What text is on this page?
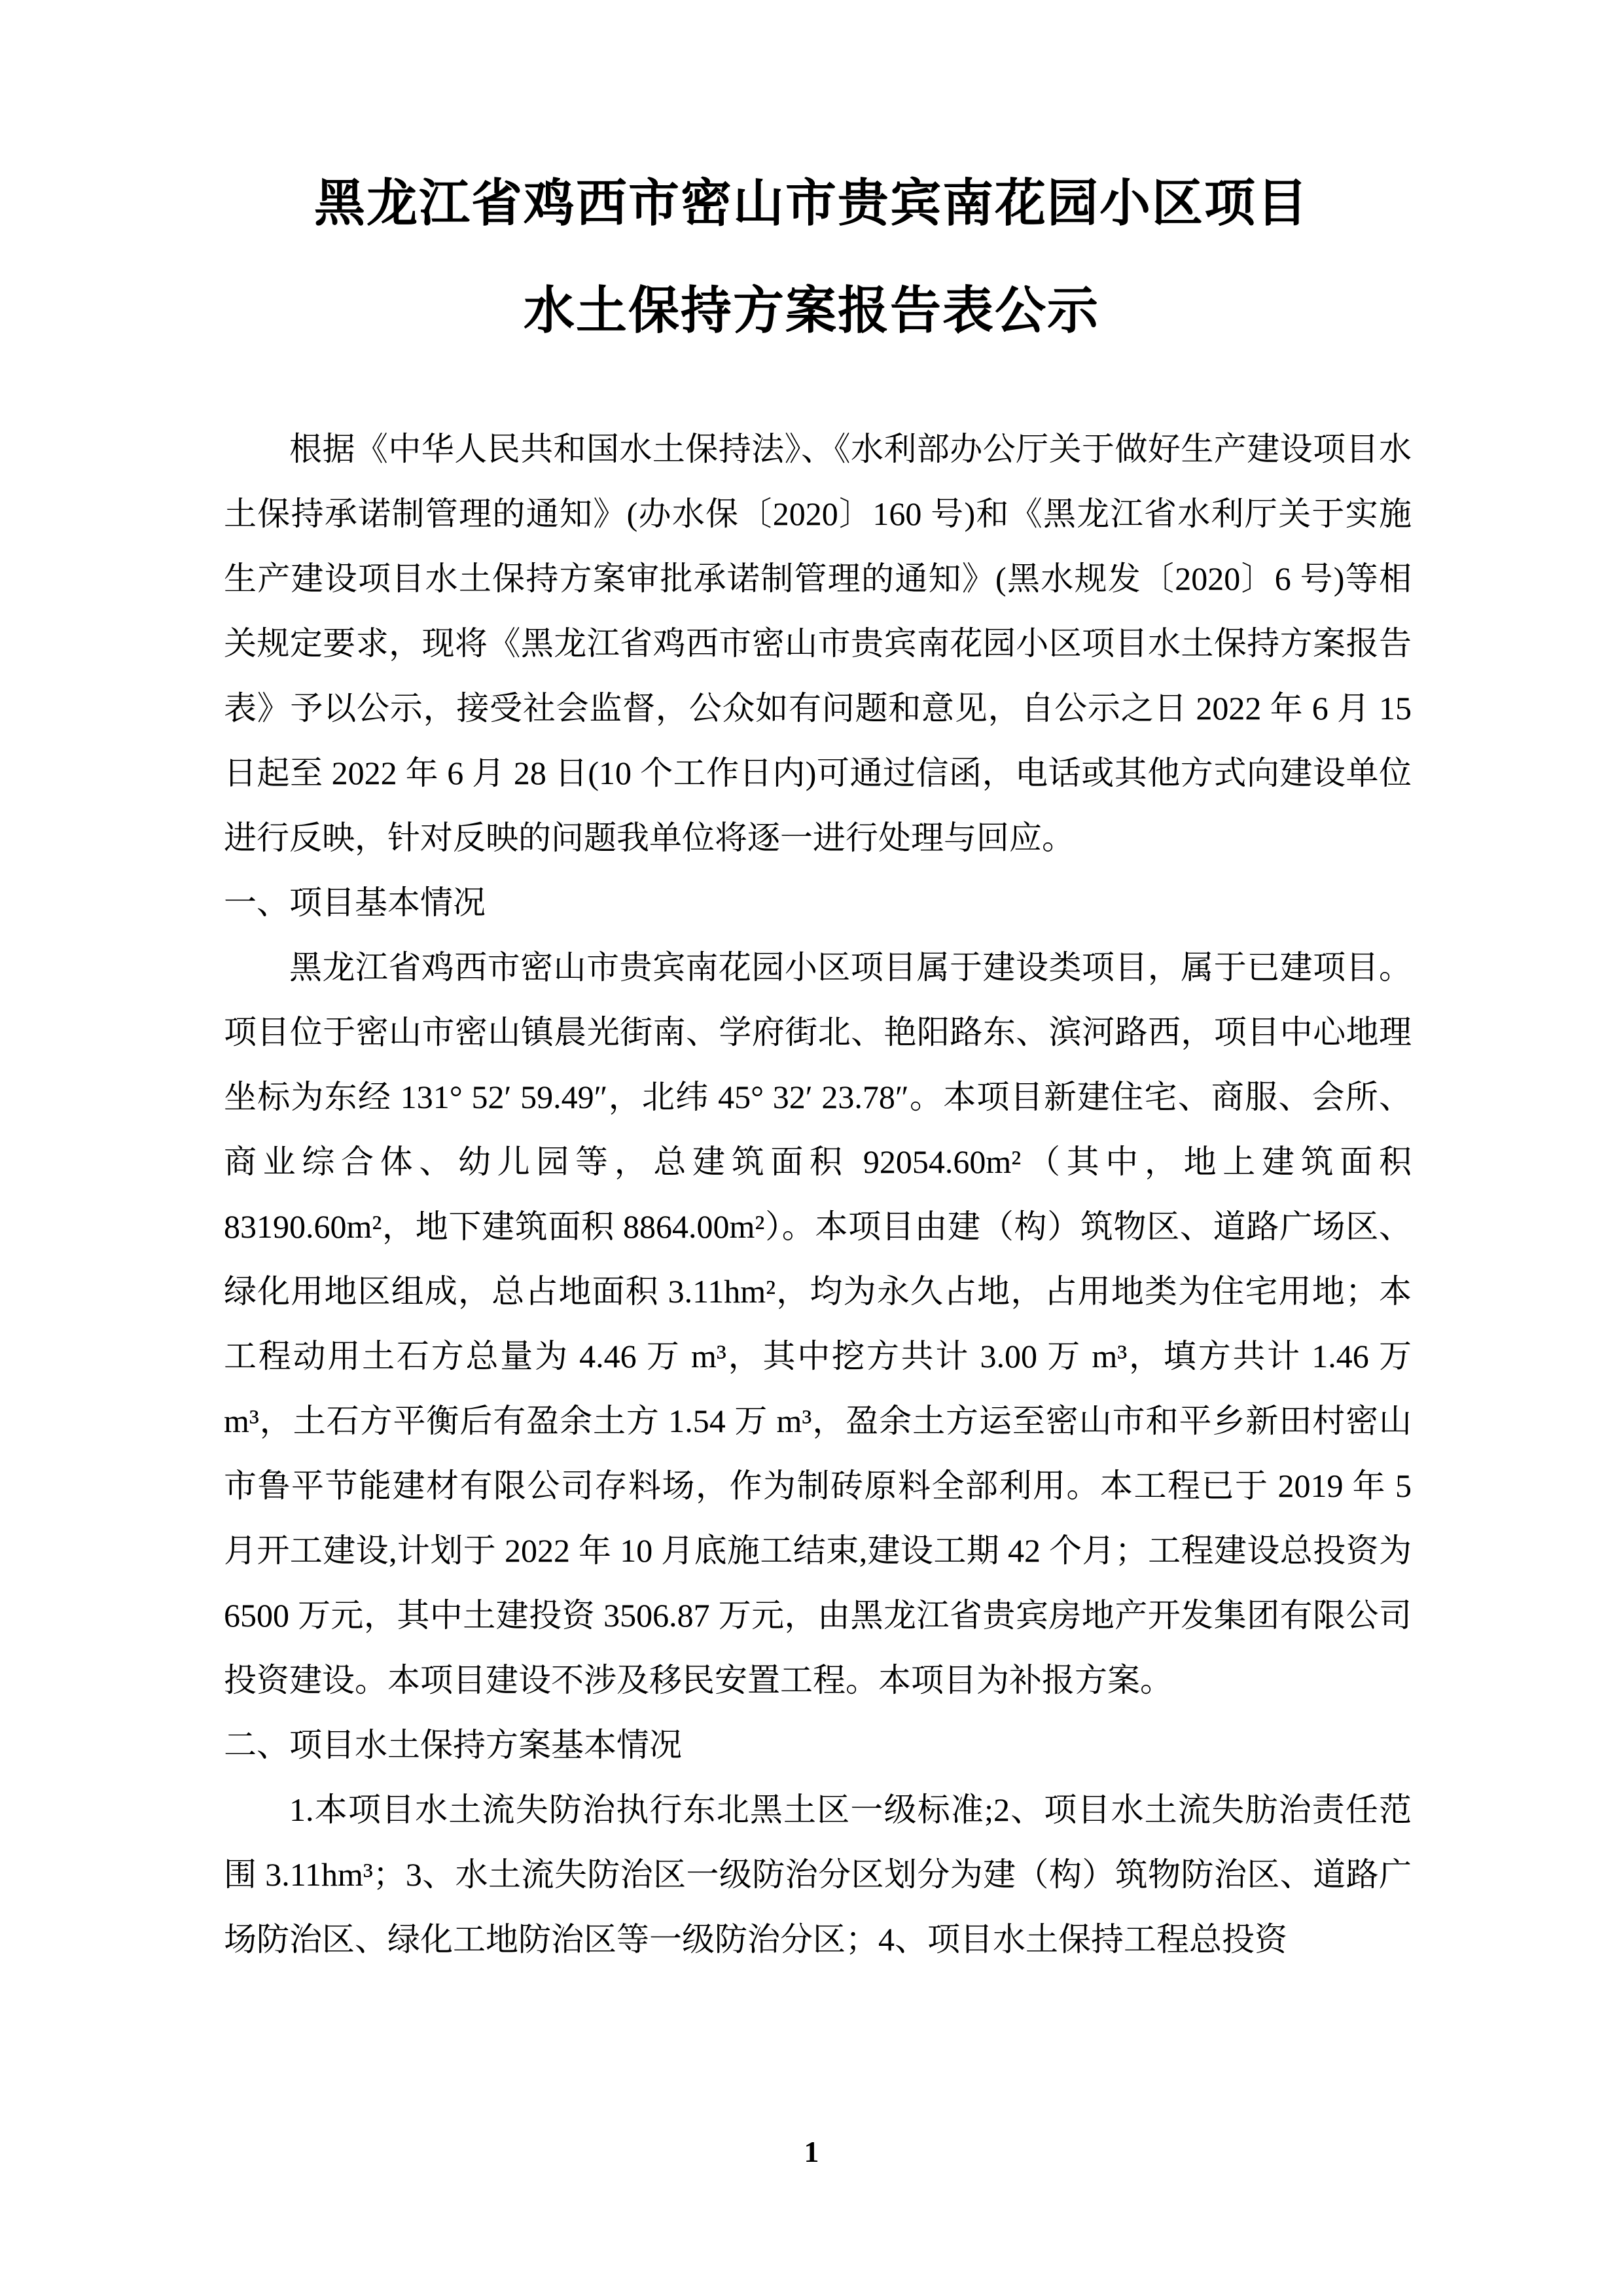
黑龙江省鸡西市密山市贵宾南花园小区项目
水土保持方案报告表公示

根据《中华人民共和国水土保持法》、《水利部办公厅关于做好生产建设项目水土保持承诺制管理的通知》(办水保〔2020〕160 号)和《黑龙江省水利厅关于实施生产建设项目水土保持方案审批承诺制管理的通知》(黑水规发〔2020〕6 号)等相关规定要求，现将《黑龙江省鸡西市密山市贵宾南花园小区项目水土保持方案报告表》予以公示，接受社会监督，公众如有问题和意见，自公示之日 2022 年 6 月 15 日起至 2022 年 6 月 28 日(10 个工作日内)可通过信函，电话或其他方式向建设单位进行反映，针对反映的问题我单位将逐一进行处理与回应。

一、项目基本情况

黑龙江省鸡西市密山市贵宾南花园小区项目属于建设类项目，属于已建项目。项目位于密山市密山镇晨光街南、学府街北、艳阳路东、滨河路西，项目中心地理坐标为东经 131° 52′ 59.49″，北纬 45° 32′ 23.78″。本项目新建住宅、商服、会所、商业综合体、幼儿园等，总建筑面积 92054.60m²（其中，地上建筑面积 83190.60m²，地下建筑面积 8864.00m²）。本项目由建（构）筑物区、道路广场区、绿化用地区组成，总占地面积 3.11hm²，均为永久占地，占用地类为住宅用地；本工程动用土石方总量为 4.46 万 m³，其中挖方共计 3.00 万 m³，填方共计 1.46 万 m³，土石方平衡后有盈余土方 1.54 万 m³，盈余土方运至密山市和平乡新田村密山市鲁平节能建材有限公司存料场，作为制砖原料全部利用。本工程已于 2019 年 5 月开工建设,计划于 2022 年 10 月底施工结束,建设工期 42 个月；工程建设总投资为 6500 万元，其中土建投资 3506.87 万元，由黑龙江省贵宾房地产开发集团有限公司投资建设。本项目建设不涉及移民安置工程。本项目为补报方案。

二、项目水土保持方案基本情况

1.本项目水土流失防治执行东北黑土区一级标准;2、项目水土流失肪治责任范围 3.11hm³；3、水土流失防治区一级防治分区划分为建（构）筑物防治区、道路广场防治区、绿化工地防治区等一级防治分区；4、项目水土保持工程总投资

1
